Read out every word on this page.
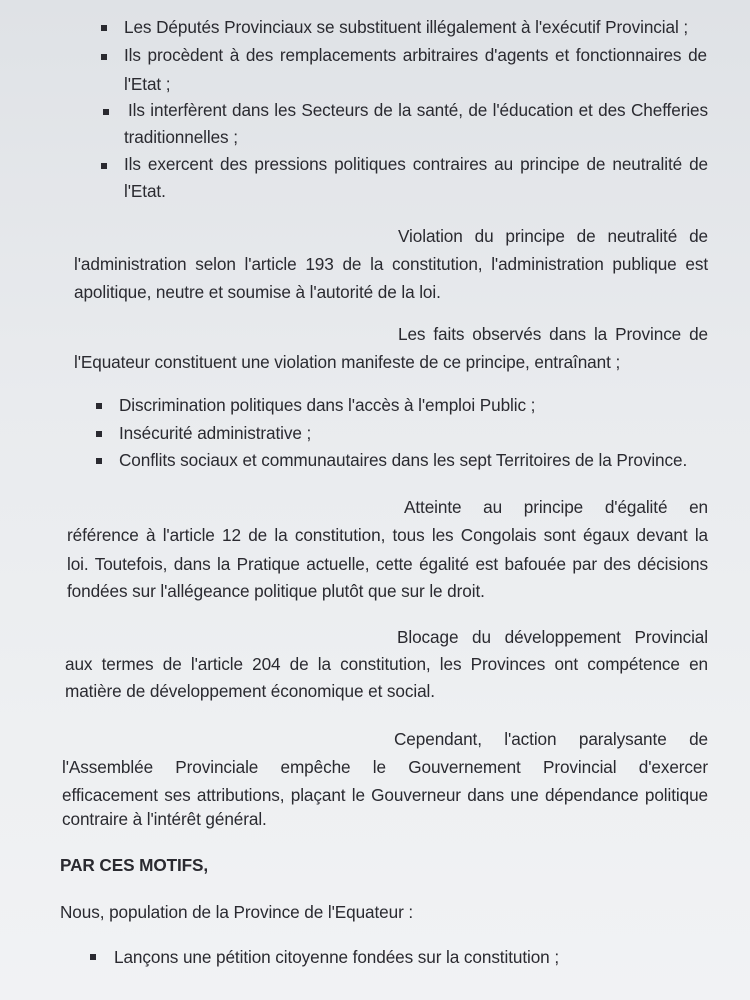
Les Députés Provinciaux se substituent illégalement à l'exécutif Provincial ;
Ils procèdent à des remplacements arbitraires d'agents et fonctionnaires de
l'Etat ;
Ils interfèrent dans les Secteurs de la santé, de l'éducation et des Chefferies
traditionnelles ;
Ils exercent des pressions politiques contraires au principe de neutralité de
l'Etat.
Violation du principe de neutralité de
l'administration selon l'article 193 de la constitution, l'administration publique est
apolitique, neutre et soumise à l'autorité de la loi.
Les faits observés dans la Province de
l'Equateur constituent une violation manifeste de ce principe, entraînant ;
Discrimination politiques dans l'accès à l'emploi Public ;
Insécurité administrative ;
Conflits sociaux et communautaires dans les sept Territoires de la Province.
Atteinte au principe d'égalité en
référence à l'article 12 de la constitution, tous les Congolais sont égaux devant la
loi. Toutefois, dans la Pratique actuelle, cette égalité est bafouée par des décisions
fondées sur l'allégeance politique plutôt que sur le droit.
Blocage du développement Provincial
aux termes de l'article 204 de la constitution, les Provinces ont compétence en
matière de développement économique et social.
Cependant, l'action paralysante de
l'Assemblée Provinciale empêche le Gouvernement Provincial d'exercer
efficacement ses attributions, plaçant le Gouverneur dans une dépendance politique
contraire à l'intérêt général.
PAR CES MOTIFS,
Nous, population de la Province de l'Equateur :
Lançons une pétition citoyenne fondées sur la constitution ;
